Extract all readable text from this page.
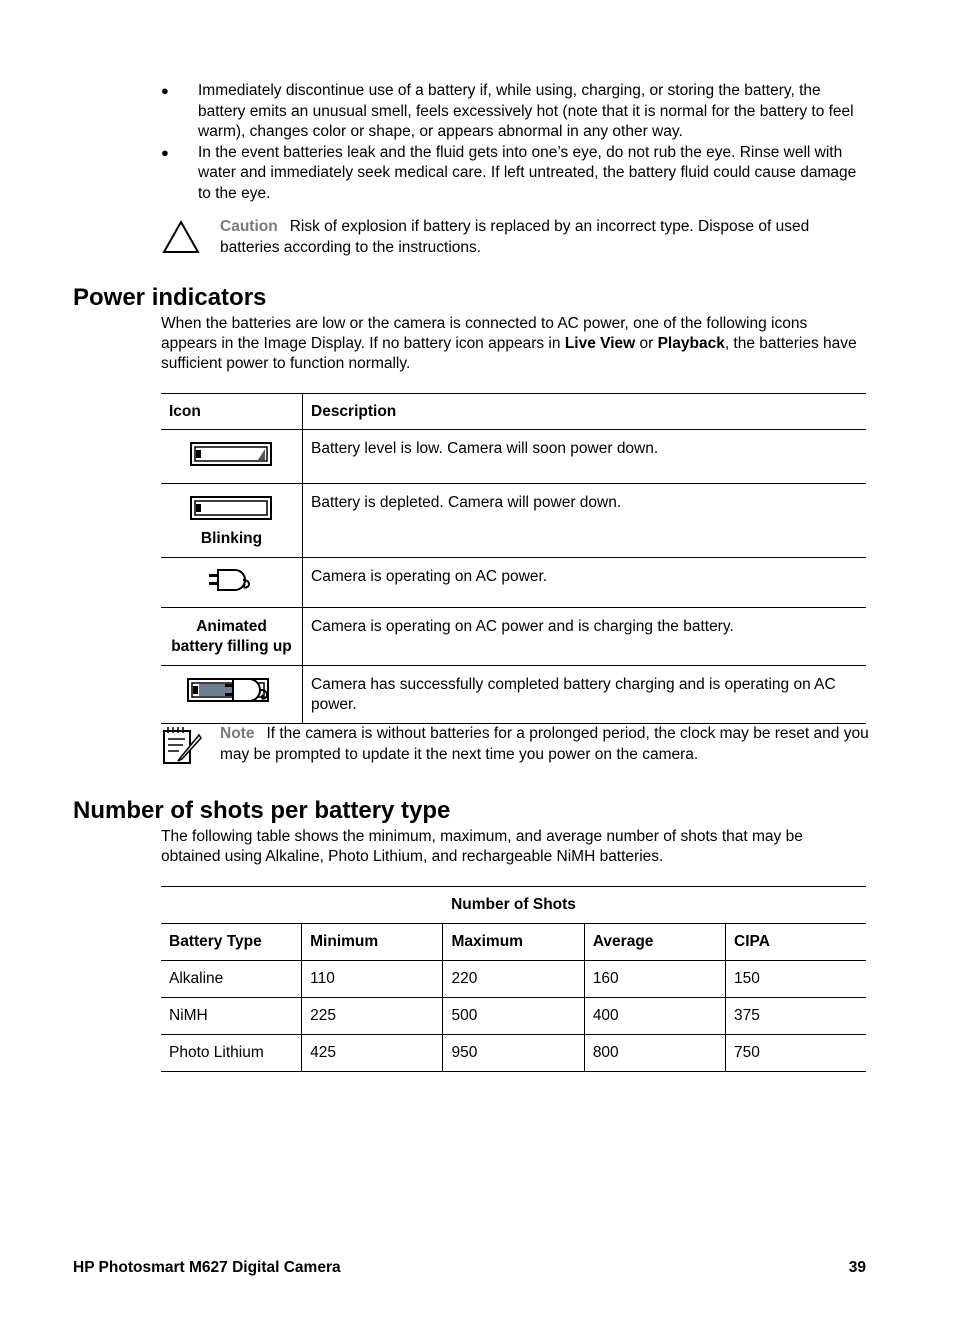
●	Immediately discontinue use of a battery if, while using, charging, or storing the battery, the battery emits an unusual smell, feels excessively hot (note that it is normal for the battery to feel warm), changes color or shape, or appears abnormal in any other way.
●	In the event batteries leak and the fluid gets into one’s eye, do not rub the eye. Rinse well with water and immediately seek medical care. If left untreated, the battery fluid could cause damage to the eye.
Caution Risk of explosion if battery is replaced by an incorrect type. Dispose of used batteries according to the instructions.
Power indicators
When the batteries are low or the camera is connected to AC power, one of the following icons appears in the Image Display. If no battery icon appears in Live View or Playback, the batteries have sufficient power to function normally.
Icon	Description
	Battery level is low. Camera will soon power down.

Blinking	Battery is depleted. Camera will power down.
	Camera is operating on AC power.
Animated battery filling up	Camera is operating on AC power and is charging the battery.
	Camera has successfully completed battery charging and is operating on AC power.
Note If the camera is without batteries for a prolonged period, the clock may be reset and you may be prompted to update it the next time you power on the camera.
Number of shots per battery type
The following table shows the minimum, maximum, and average number of shots that may be obtained using Alkaline, Photo Lithium, and rechargeable NiMH batteries.
Number of Shots				
Battery Type	Minimum	Maximum	Average	CIPA
Alkaline	110	220	160	150
NiMH	225	500	400	375
Photo Lithium	425	950	800	750
HP Photosmart M627 Digital Camera	39
